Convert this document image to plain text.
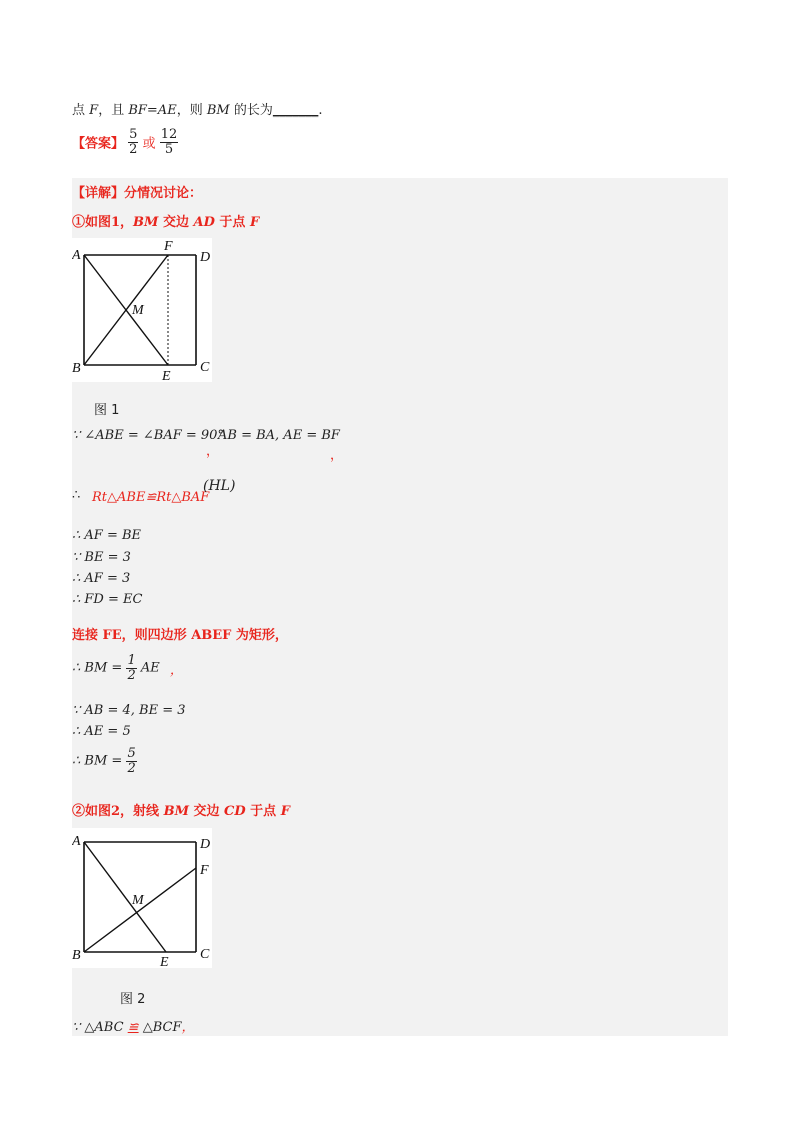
点 F，且 BF=AE，则 BM 的长为_______.
【答案】 $\frac{5}{2}$ 或 $\frac{12}{5}$
【详解】分情况讨论：
①如图1，BM 交边 AD 于点 F
A
F
D
M
B
E
C
图 1
∵ ∠ABE = ∠BAF = 90°
，
AB = BA, AE = BF
，
∴ Rt△ABE≌Rt△BAF
(HL)
∴ AF = BE
∵ BE = 3
∴ AF = 3
∴ FD = EC
连接 FE，则四边形 ABEF 为矩形，
∴ BM = $\frac{1}{2}$ AE ，
∵ AB = 4, BE = 3
∴ AE = 5
∴ BM = $\frac{5}{2}$
②如图2，射线 BM 交边 CD 于点 F
A	D
F
M
B	E
C
图 2
∵ △ABC ≌ △BCF，
